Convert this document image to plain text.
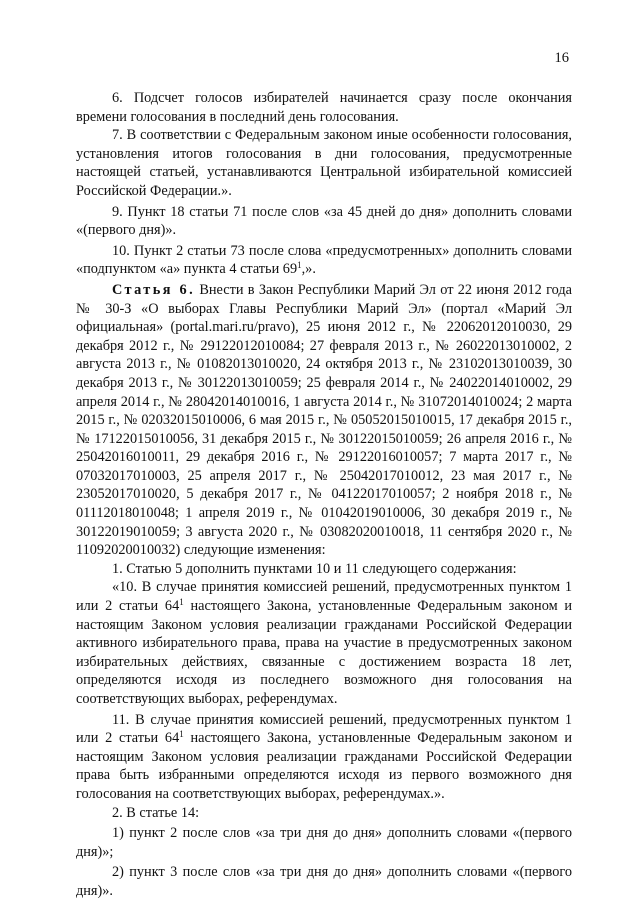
16

6. Подсчет голосов избирателей начинается сразу после окончания времени голосования в последний день голосования.

7. В соответствии с Федеральным законом иные особенности голосования, установления итогов голосования в дни голосования, предусмотренные настоящей статьей, устанавливаются Центральной избирательной комиссией Российской Федерации.».

9. Пункт 18 статьи 71 после слов «за 45 дней до дня» дополнить словами «(первого дня)».

10. Пункт 2 статьи 73 после слова «предусмотренных» дополнить словами «подпунктом «а» пункта 4 статьи $69^1$,».

Статья 6. Внести в Закон Республики Марий Эл от 22 июня 2012 года № 30-З «О выборах Главы Республики Марий Эл» (портал «Марий Эл официальная» (portal.mari.ru/pravo), 25 июня 2012 г., № 22062012010030, 29 декабря 2012 г., № 29122012010084; 27 февраля 2013 г., № 26022013010002, 2 августа 2013 г., № 01082013010020, 24 октября 2013 г., № 23102013010039, 30 декабря 2013 г., № 30122013010059; 25 февраля 2014 г., № 24022014010002, 29 апреля 2014 г., № 28042014010016, 1 августа 2014 г., № 31072014010024; 2 марта 2015 г., № 02032015010006, 6 мая 2015 г., № 05052015010015, 17 декабря 2015 г., № 17122015010056, 31 декабря 2015 г., № 30122015010059; 26 апреля 2016 г., № 25042016010011, 29 декабря 2016 г., № 29122016010057; 7 марта 2017 г., № 07032017010003, 25 апреля 2017 г., № 25042017010012, 23 мая 2017 г., № 23052017010020, 5 декабря 2017 г., № 04122017010057; 2 ноября 2018 г., № 01112018010048; 1 апреля 2019 г., № 01042019010006, 30 декабря 2019 г., № 30122019010059; 3 августа 2020 г., № 03082020010018, 11 сентября 2020 г., № 11092020010032) следующие изменения:

1. Статью 5 дополнить пунктами 10 и 11 следующего содержания:

«10. В случае принятия комиссией решений, предусмотренных пунктом 1 или 2 статьи $64^1$ настоящего Закона, установленные Федеральным законом и настоящим Законом условия реализации гражданами Российской Федерации активного избирательного права, права на участие в предусмотренных законом избирательных действиях, связанные с достижением возраста 18 лет, определяются исходя из последнего возможного дня голосования на соответствующих выборах, референдумах.

11. В случае принятия комиссией решений, предусмотренных пунктом 1 или 2 статьи $64^1$ настоящего Закона, установленные Федеральным законом и настоящим Законом условия реализации гражданами Российской Федерации права быть избранными определяются исходя из первого возможного дня голосования на соответствующих выборах, референдумах.».

2. В статье 14:

1) пункт 2 после слов «за три дня до дня» дополнить словами «(первого дня)»;

2) пункт 3 после слов «за три дня до дня» дополнить словами «(первого дня)».
